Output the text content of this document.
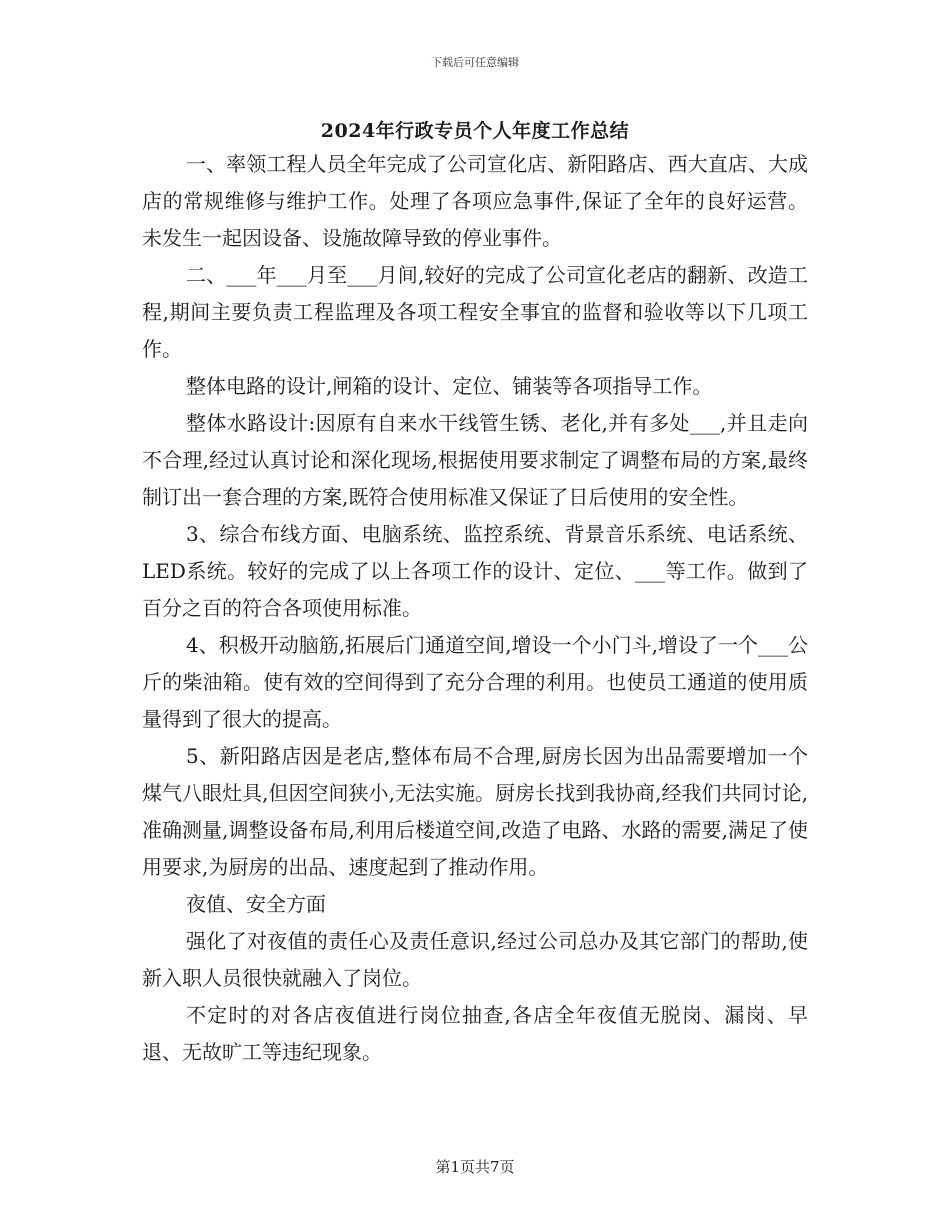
下载后可任意编辑
2024年行政专员个人年度工作总结

一、率领工程人员全年完成了公司宣化店、新阳路店、西大直店、大成店的常规维修与维护工作。处理了各项应急事件,保证了全年的良好运营。未发生一起因设备、设施故障导致的停业事件。

二、___年___月至___月间,较好的完成了公司宣化老店的翻新、改造工程,期间主要负责工程监理及各项工程安全事宜的监督和验收等以下几项工作。

整体电路的设计,闸箱的设计、定位、铺装等各项指导工作。

整体水路设计:因原有自来水干线管生锈、老化,并有多处___,并且走向不合理,经过认真讨论和深化现场,根据使用要求制定了调整布局的方案,最终制订出一套合理的方案,既符合使用标准又保证了日后使用的安全性。

3、综合布线方面、电脑系统、监控系统、背景音乐系统、电话系统、LED系统。较好的完成了以上各项工作的设计、定位、___等工作。做到了百分之百的符合各项使用标准。

4、积极开动脑筋,拓展后门通道空间,增设一个小门斗,增设了一个___公斤的柴油箱。使有效的空间得到了充分合理的利用。也使员工通道的使用质量得到了很大的提高。

5、新阳路店因是老店,整体布局不合理,厨房长因为出品需要增加一个煤气八眼灶具,但因空间狭小,无法实施。厨房长找到我协商,经我们共同讨论,准确测量,调整设备布局,利用后楼道空间,改造了电路、水路的需要,满足了使用要求,为厨房的出品、速度起到了推动作用。

夜值、安全方面

强化了对夜值的责任心及责任意识,经过公司总办及其它部门的帮助,使新入职人员很快就融入了岗位。

不定时的对各店夜值进行岗位抽查,各店全年夜值无脱岗、漏岗、早退、无故旷工等违纪现象。

第1页共7页
